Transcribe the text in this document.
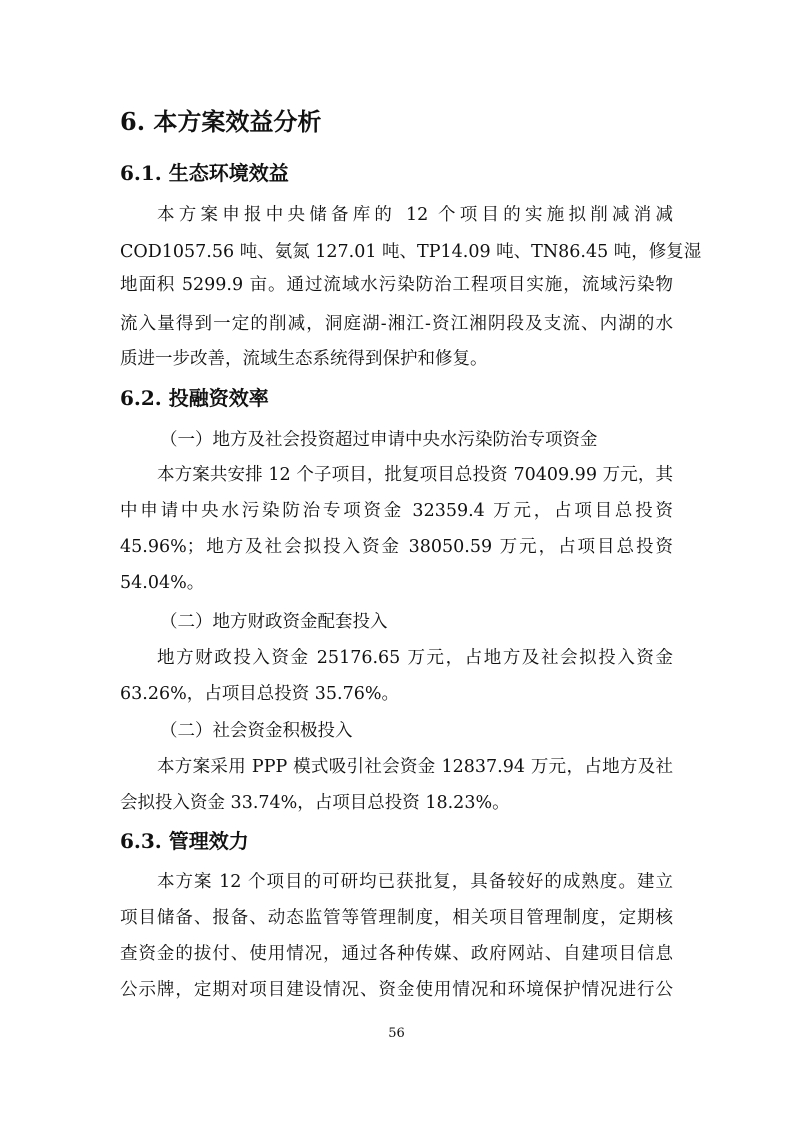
6. 本方案效益分析
6.1. 生态环境效益
本方案申报中央储备库的 12 个项目的实施拟削减消减
COD1057.56 吨、氨氮 127.01 吨、TP14.09 吨、TN86.45 吨，修复湿
地面积 5299.9 亩。通过流域水污染防治工程项目实施，流域污染物
流入量得到一定的削减，洞庭湖-湘江-资江湘阴段及支流、内湖的水
质进一步改善，流域生态系统得到保护和修复。
6.2. 投融资效率
（一）地方及社会投资超过申请中央水污染防治专项资金
本方案共安排 12 个子项目，批复项目总投资 70409.99 万元，其
中申请中央水污染防治专项资金 32359.4 万元，占项目总投资
45.96%；地方及社会拟投入资金 38050.59 万元，占项目总投资
54.04%。
（二）地方财政资金配套投入
地方财政投入资金 25176.65 万元，占地方及社会拟投入资金
63.26%，占项目总投资 35.76%。
（二）社会资金积极投入
本方案采用 PPP 模式吸引社会资金 12837.94 万元，占地方及社
会拟投入资金 33.74%，占项目总投资 18.23%。
6.3. 管理效力
本方案 12 个项目的可研均已获批复，具备较好的成熟度。建立
项目储备、报备、动态监管等管理制度，相关项目管理制度，定期核
查资金的拔付、使用情况，通过各种传媒、政府网站、自建项目信息
公示牌，定期对项目建设情况、资金使用情况和环境保护情况进行公
56
